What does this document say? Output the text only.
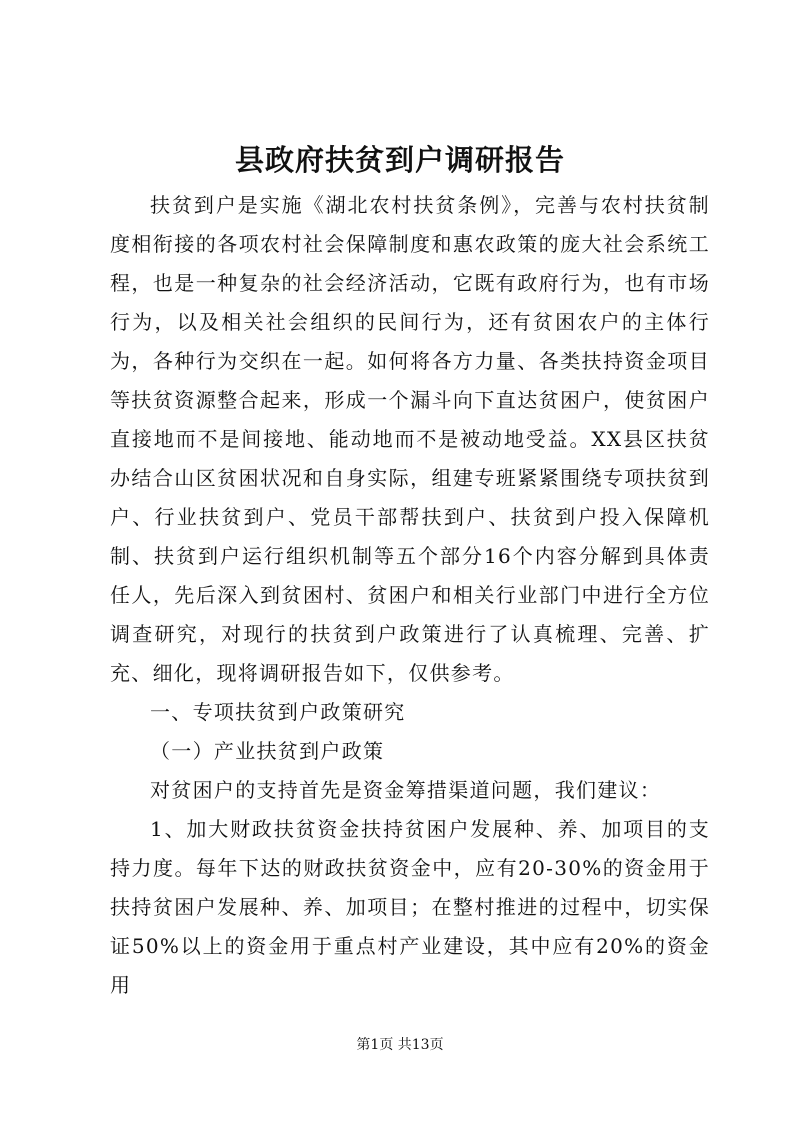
县政府扶贫到户调研报告

扶贫到户是实施《湖北农村扶贫条例》，完善与农村扶贫制度相衔接的各项农村社会保障制度和惠农政策的庞大社会系统工程，也是一种复杂的社会经济活动，它既有政府行为，也有市场行为，以及相关社会组织的民间行为，还有贫困农户的主体行为，各种行为交织在一起。如何将各方力量、各类扶持资金项目等扶贫资源整合起来，形成一个漏斗向下直达贫困户，使贫困户直接地而不是间接地、能动地而不是被动地受益。XX县区扶贫办结合山区贫困状况和自身实际，组建专班紧紧围绕专项扶贫到户、行业扶贫到户、党员干部帮扶到户、扶贫到户投入保障机制、扶贫到户运行组织机制等五个部分16个内容分解到具体责任人，先后深入到贫困村、贫困户和相关行业部门中进行全方位调查研究，对现行的扶贫到户政策进行了认真梳理、完善、扩充、细化，现将调研报告如下，仅供参考。

一、专项扶贫到户政策研究

（一）产业扶贫到户政策

对贫困户的支持首先是资金筹措渠道问题，我们建议：

1、加大财政扶贫资金扶持贫困户发展种、养、加项目的支持力度。每年下达的财政扶贫资金中，应有20-30%的资金用于扶持贫困户发展种、养、加项目；在整村推进的过程中，切实保证50%以上的资金用于重点村产业建设，其中应有20%的资金用

第1页 共13页
